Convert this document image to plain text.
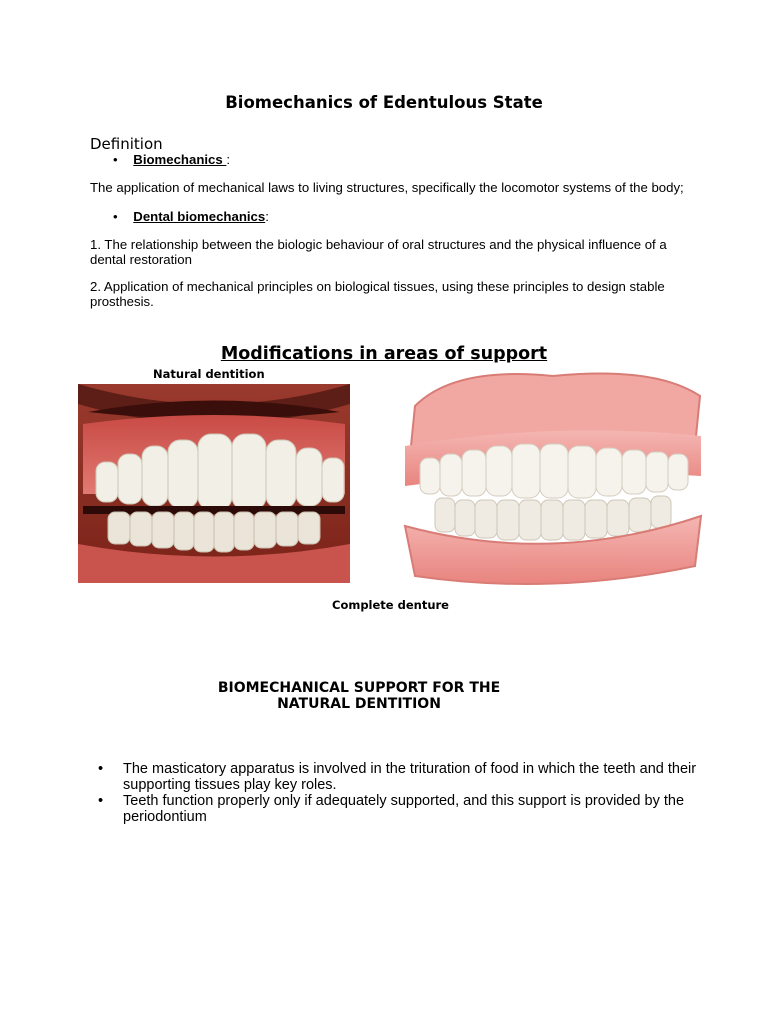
Biomechanics of Edentulous State
Definition
• Biomechanics :
The application of mechanical laws to living structures, specifically the locomotor systems of the body;
• Dental biomechanics:
1. The relationship between the biologic behaviour of oral structures and the physical influence of a dental restoration
2. Application of mechanical principles on biological tissues, using these principles to design stable prosthesis.
Modifications in areas of support
Natural dentition
Complete denture
BIOMECHANICAL SUPPORT FOR THE
NATURAL DENTITION
•	The masticatory apparatus is involved in the trituration of food in which the teeth and their supporting tissues play key roles.
•	Teeth function properly only if adequately supported, and this support is provided by the periodontium
